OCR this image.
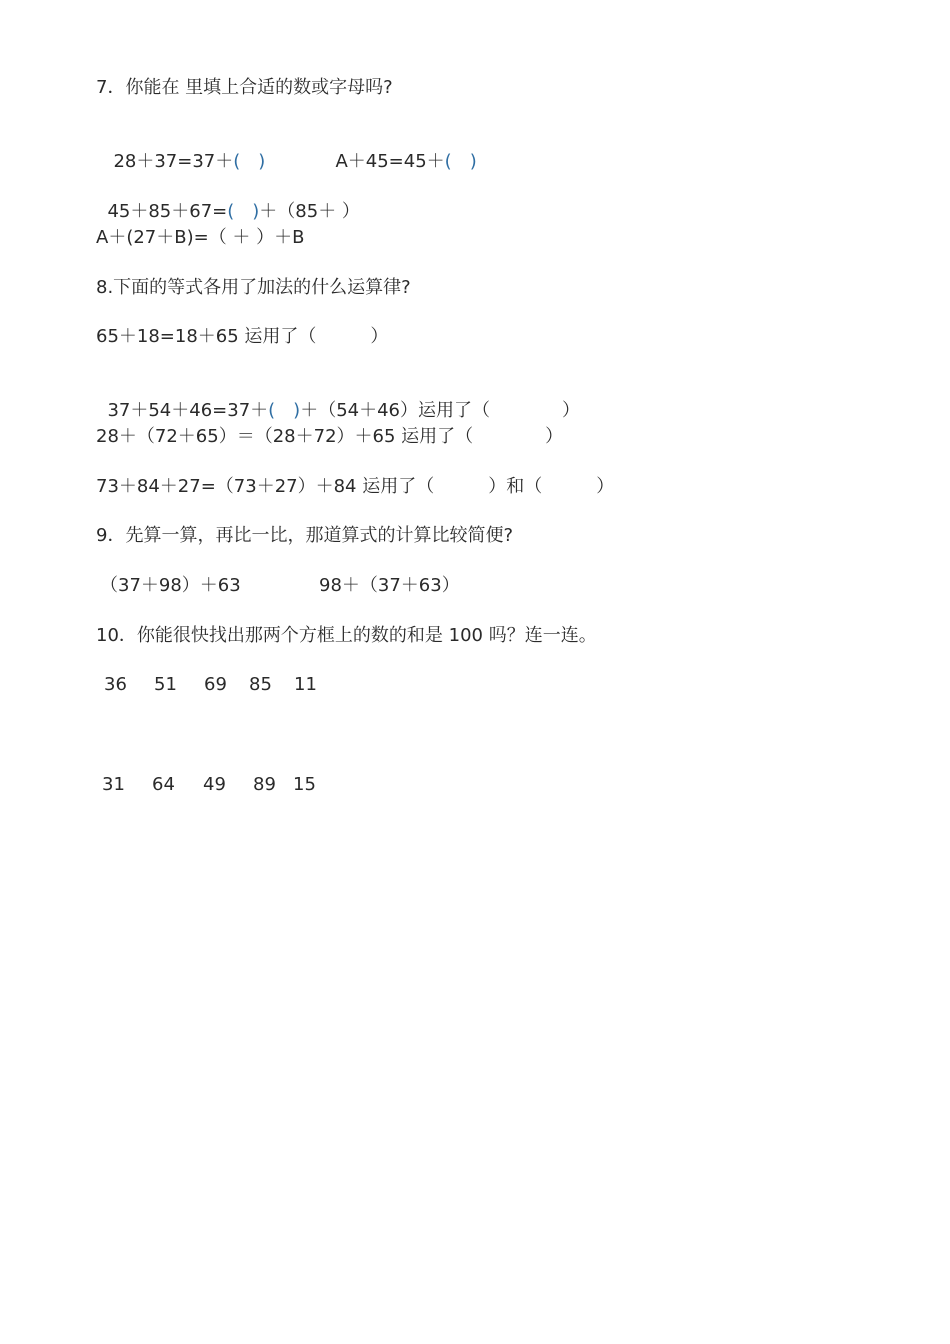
7．你能在 里填上合适的数或字母吗?

28＋37=37＋(　)	A＋45=45＋(　)

45＋85＋67=(　)＋（85＋ ）

A＋(27＋B)=（ ＋ ）＋B
8.下面的等式各用了加法的什么运算律?
65＋18=18＋65 运用了（　　　）

37＋54＋46=37＋(　)＋（54＋46）运用了（　　　　）

28＋（72＋65）＝（28＋72）＋65 运用了（　　　　）
73＋84＋27=（73＋27）＋84 运用了（　　　）和（　　　）
9．先算一算，再比一比，那道算式的计算比较简便?
（37＋98）＋63	98＋（37＋63）
10．你能很快找出那两个方框上的数的和是 100 吗？连一连。
36 51 69 85 11
31 64 49 89 15
